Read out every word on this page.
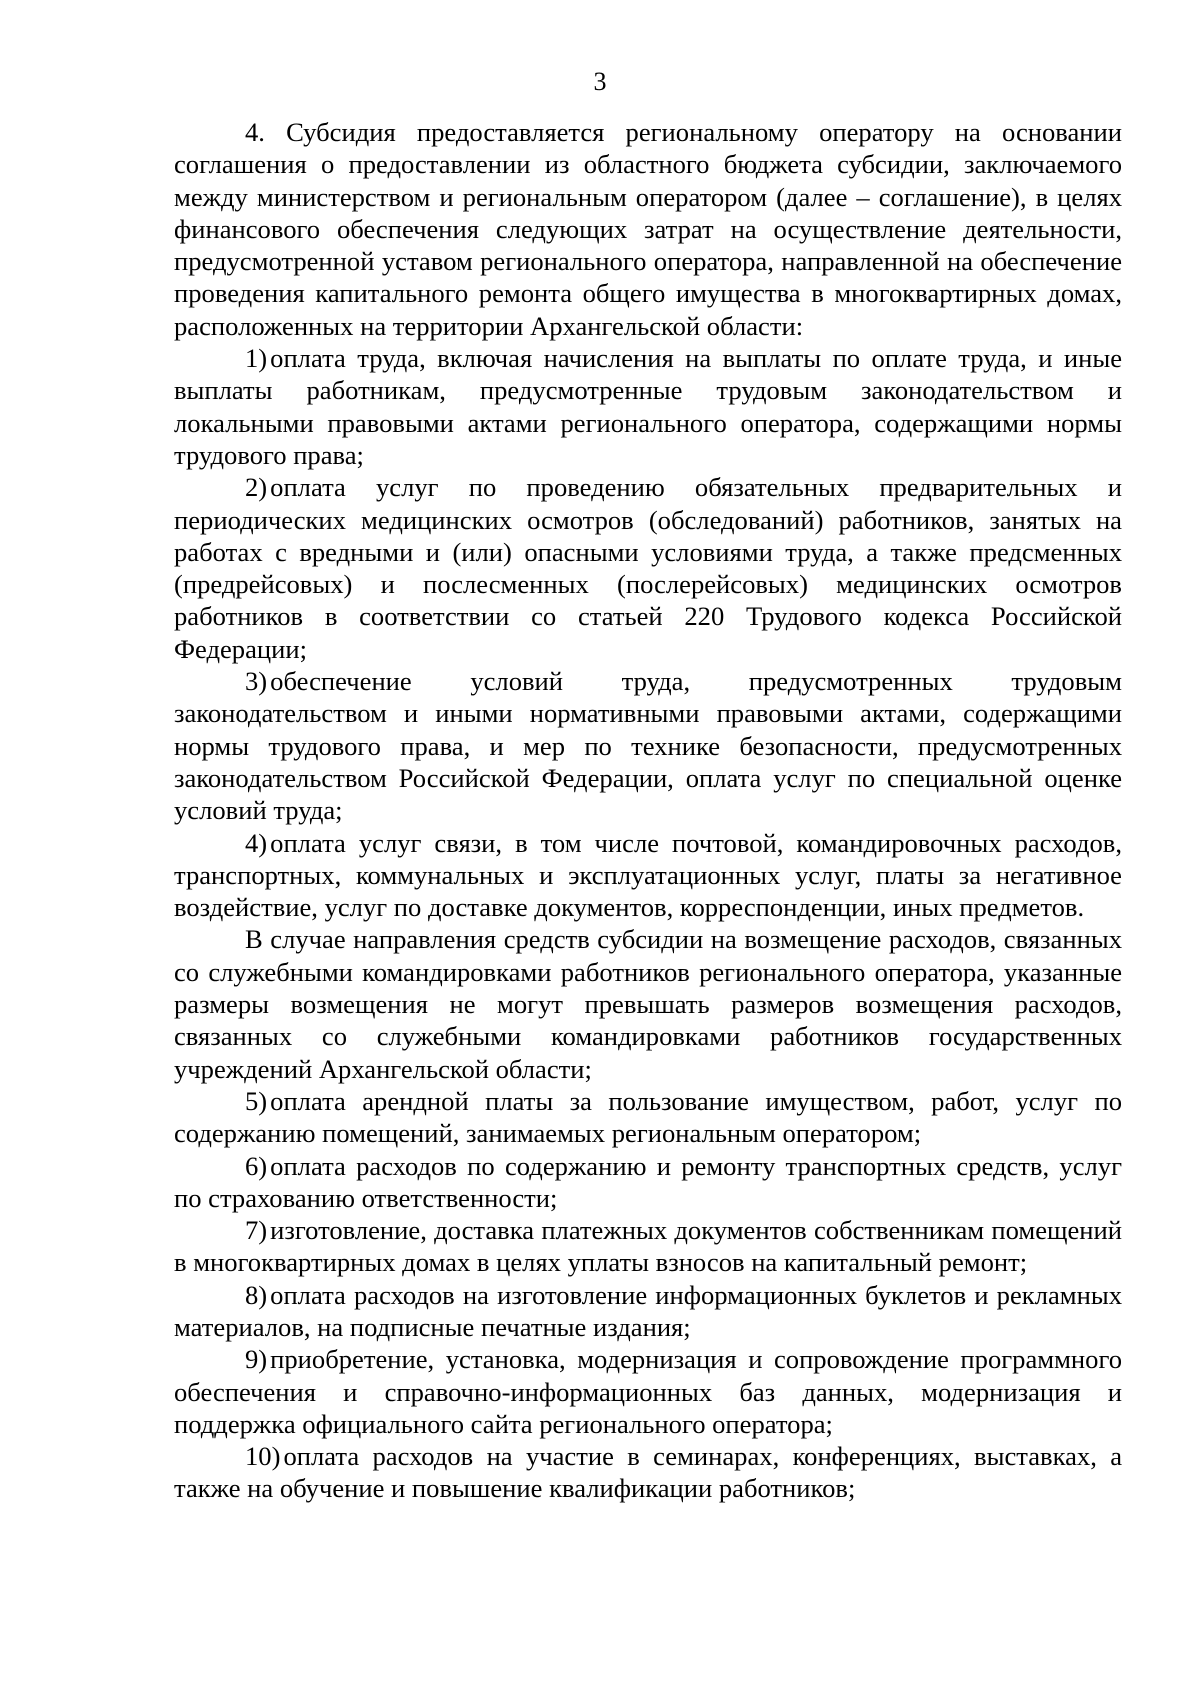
3

4. Субсидия предоставляется региональному оператору на основании соглашения о предоставлении из областного бюджета субсидии, заключаемого между министерством и региональным оператором (далее – соглашение), в целях финансового обеспечения следующих затрат на осуществление деятельности, предусмотренной уставом регионального оператора, направленной на обеспечение проведения капитального ремонта общего имущества в многоквартирных домах, расположенных на территории Архангельской области:

1) оплата труда, включая начисления на выплаты по оплате труда, и иные выплаты работникам, предусмотренные трудовым законодательством и локальными правовыми актами регионального оператора, содержащими нормы трудового права;

2) оплата услуг по проведению обязательных предварительных и периодических медицинских осмотров (обследований) работников, занятых на работах с вредными и (или) опасными условиями труда, а также предсменных (предрейсовых) и послесменных (послерейсовых) медицинских осмотров работников в соответствии со статьей 220 Трудового кодекса Российской Федерации;

3) обеспечение условий труда, предусмотренных трудовым законодательством и иными нормативными правовыми актами, содержащими нормы трудового права, и мер по технике безопасности, предусмотренных законодательством Российской Федерации, оплата услуг по специальной оценке условий труда;

4) оплата услуг связи, в том числе почтовой, командировочных расходов, транспортных, коммунальных и эксплуатационных услуг, платы за негативное воздействие, услуг по доставке документов, корреспонденции, иных предметов.

В случае направления средств субсидии на возмещение расходов, связанных со служебными командировками работников регионального оператора, указанные размеры возмещения не могут превышать размеров возмещения расходов, связанных со служебными командировками работников государственных учреждений Архангельской области;

5) оплата арендной платы за пользование имуществом, работ, услуг по содержанию помещений, занимаемых региональным оператором;

6) оплата расходов по содержанию и ремонту транспортных средств, услуг по страхованию ответственности;

7) изготовление, доставка платежных документов собственникам помещений в многоквартирных домах в целях уплаты взносов на капитальный ремонт;

8) оплата расходов на изготовление информационных буклетов и рекламных материалов, на подписные печатные издания;

9) приобретение, установка, модернизация и сопровождение программного обеспечения и справочно-информационных баз данных, модернизация и поддержка официального сайта регионального оператора;

10) оплата расходов на участие в семинарах, конференциях, выставках, а также на обучение и повышение квалификации работников;
